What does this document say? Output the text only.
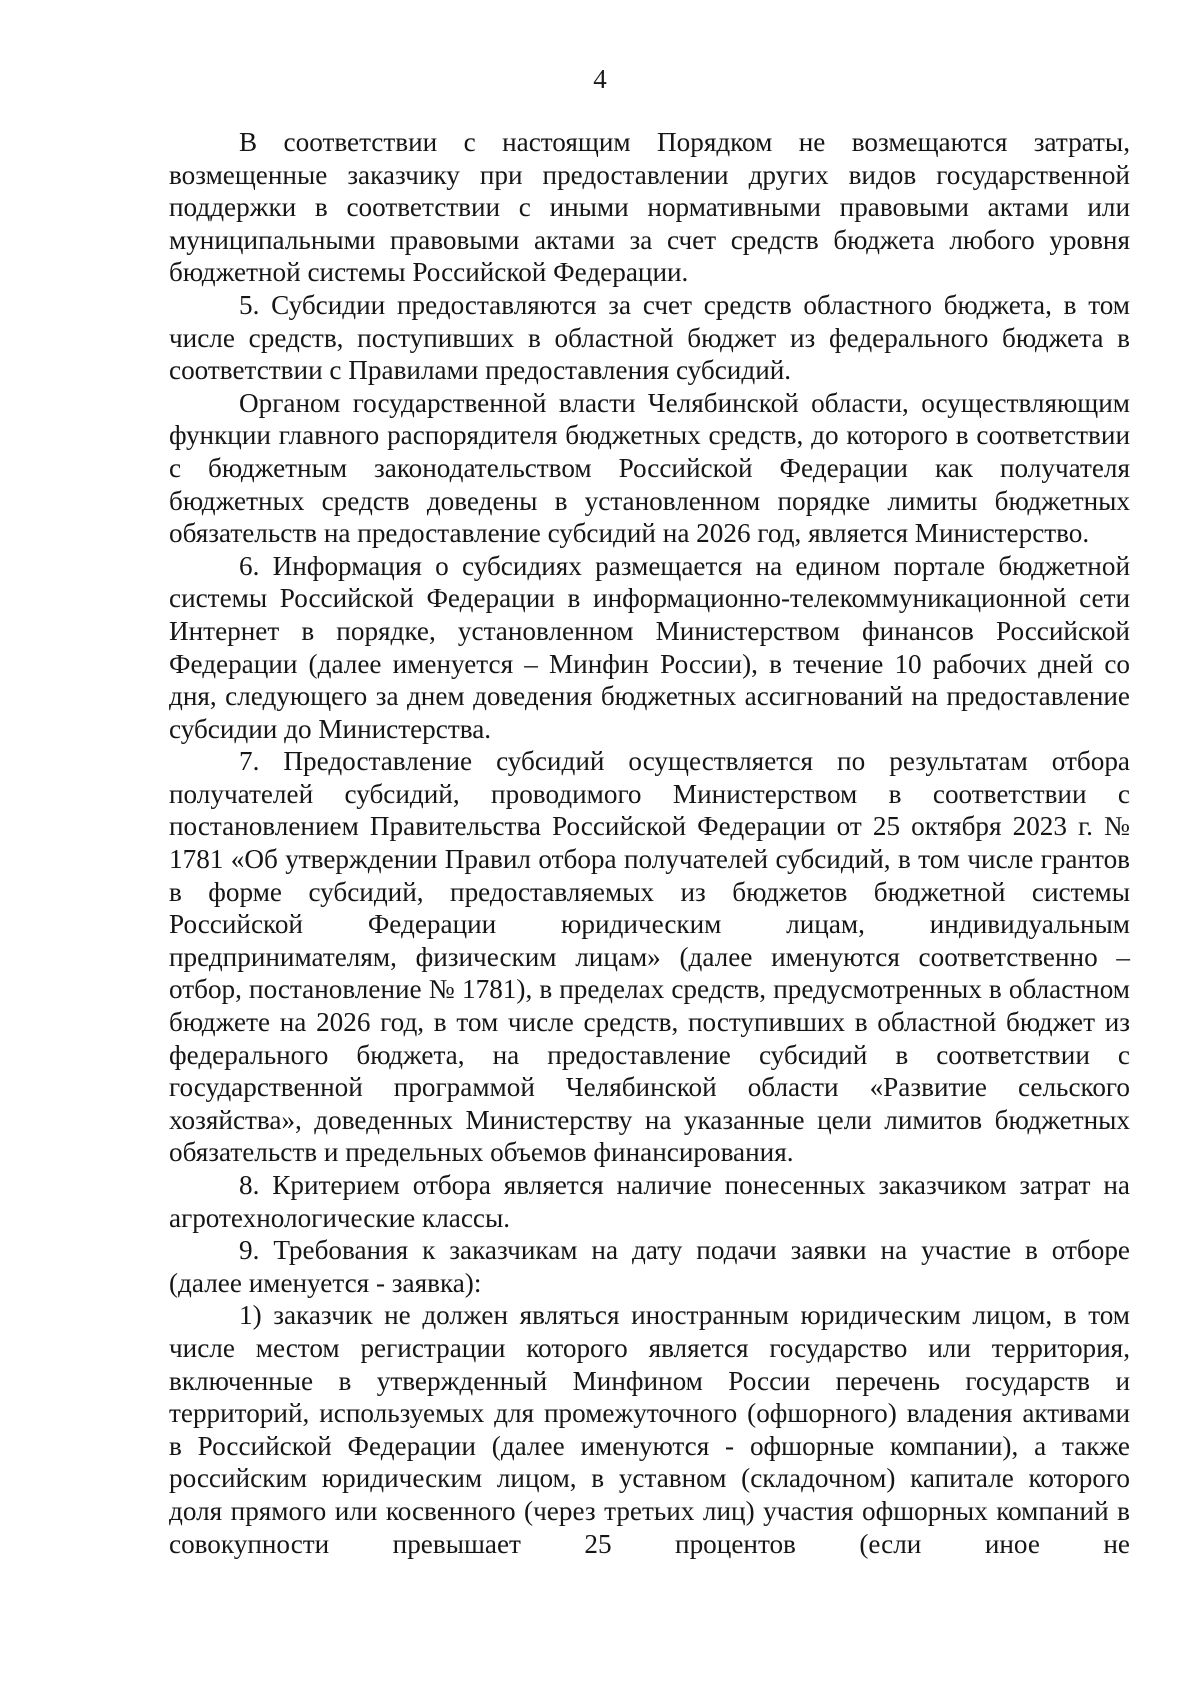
4

В соответствии с настоящим Порядком не возмещаются затраты, возмещенные заказчику при предоставлении других видов государственной поддержки в соответствии с иными нормативными правовыми актами или муниципальными правовыми актами за счет средств бюджета любого уровня бюджетной системы Российской Федерации.

5. Субсидии предоставляются за счет средств областного бюджета, в том числе средств, поступивших в областной бюджет из федерального бюджета в соответствии с Правилами предоставления субсидий.

Органом государственной власти Челябинской области, осуществляющим функции главного распорядителя бюджетных средств, до которого в соответствии с бюджетным законодательством Российской Федерации как получателя бюджетных средств доведены в установленном порядке лимиты бюджетных обязательств на предоставление субсидий на 2026 год, является Министерство.

6. Информация о субсидиях размещается на едином портале бюджетной системы Российской Федерации в информационно-телекоммуникационной сети Интернет в порядке, установленном Министерством финансов Российской Федерации (далее именуется – Минфин России), в течение 10 рабочих дней со дня, следующего за днем доведения бюджетных ассигнований на предоставление субсидии до Министерства.

7. Предоставление субсидий осуществляется по результатам отбора получателей субсидий, проводимого Министерством в соответствии с постановлением Правительства Российской Федерации от 25 октября 2023 г. № 1781 «Об утверждении Правил отбора получателей субсидий, в том числе грантов в форме субсидий, предоставляемых из бюджетов бюджетной системы Российской Федерации юридическим лицам, индивидуальным предпринимателям, физическим лицам» (далее именуются соответственно – отбор, постановление № 1781), в пределах средств, предусмотренных в областном бюджете на 2026 год, в том числе средств, поступивших в областной бюджет из федерального бюджета, на предоставление субсидий в соответствии с государственной программой Челябинской области «Развитие сельского хозяйства», доведенных Министерству на указанные цели лимитов бюджетных обязательств и предельных объемов финансирования.

8. Критерием отбора является наличие понесенных заказчиком затрат на агротехнологические классы.

9. Требования к заказчикам на дату подачи заявки на участие в отборе (далее именуется - заявка):

1) заказчик не должен являться иностранным юридическим лицом, в том числе местом регистрации которого является государство или территория, включенные в утвержденный Минфином России перечень государств и территорий, используемых для промежуточного (офшорного) владения активами в Российской Федерации (далее именуются - офшорные компании), а также российским юридическим лицом, в уставном (складочном) капитале которого доля прямого или косвенного (через третьих лиц) участия офшорных компаний в совокупности превышает 25 процентов (если иное не
